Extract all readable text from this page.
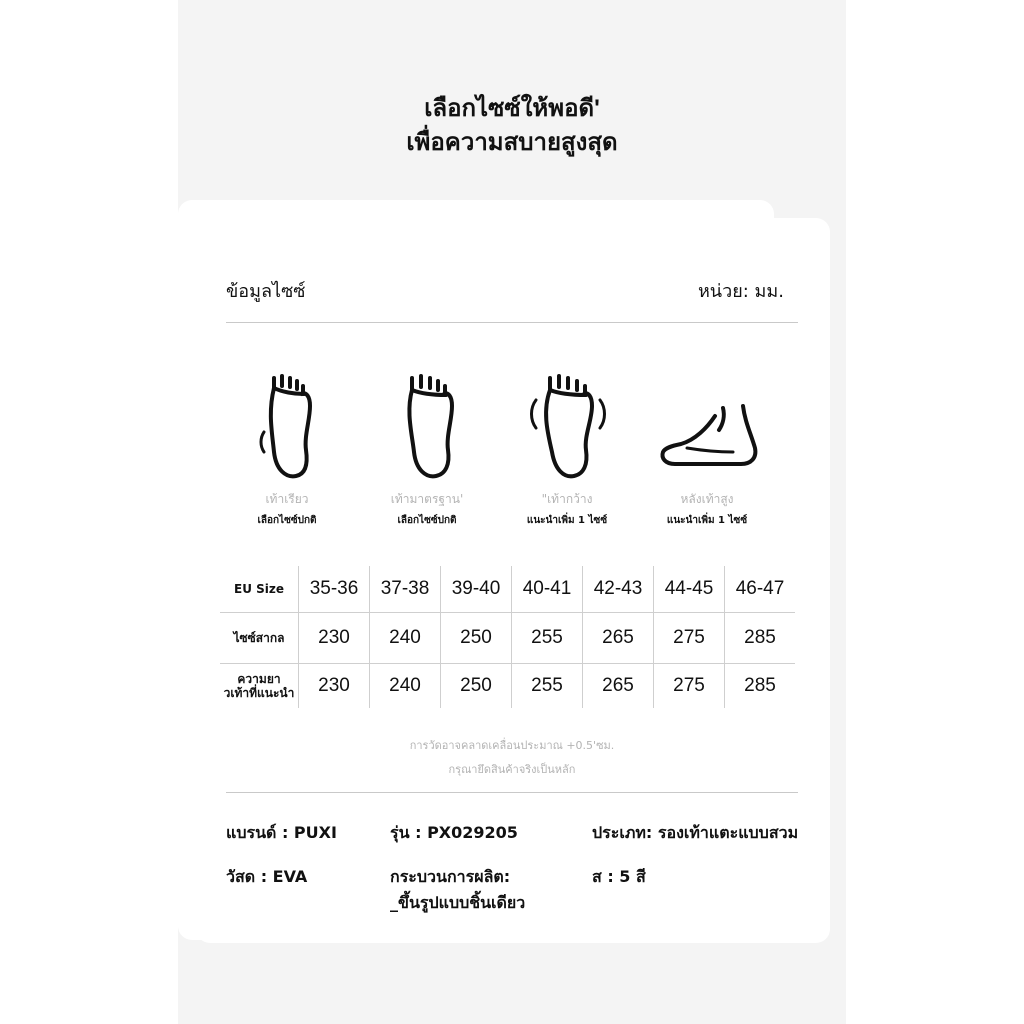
เลือกไซซ์ให้พอดี'
เพื่อความสบายสูงสุด
ข้อมูลไซซ์	หน่วย: มม.
เท้าเรียว
เลือกไซซ์ปกติ
เท้ามาตรฐาน'
เลือกไซซ์ปกติ
"เท้ากว้าง
แนะนำเพิ่ม 1 ไซซ์
หลังเท้าสูง
แนะนำเพิ่ม 1 ไซซ์
EU Size	35-36	37-38	39-40	40-41	42-43	44-45	46-47
ไซซ์สากล	230	240	250	255	265	275	285
ความยา
วเท้าที่แนะนำ	230	240	250	255	265	275	285
การวัดอาจคลาดเคลื่อนประมาณ +0.5'ซม.
กรุณายึดสินค้าจริงเป็นหลัก
แบรนด์ : PUXI	รุ่น : PX029205	ประเภท: รองเท้าแตะแบบสวม
วัสด : EVA	กระบวนการผลิต:
_ขึ้นรูปแบบชิ้นเดียว
ส : 5 สี
